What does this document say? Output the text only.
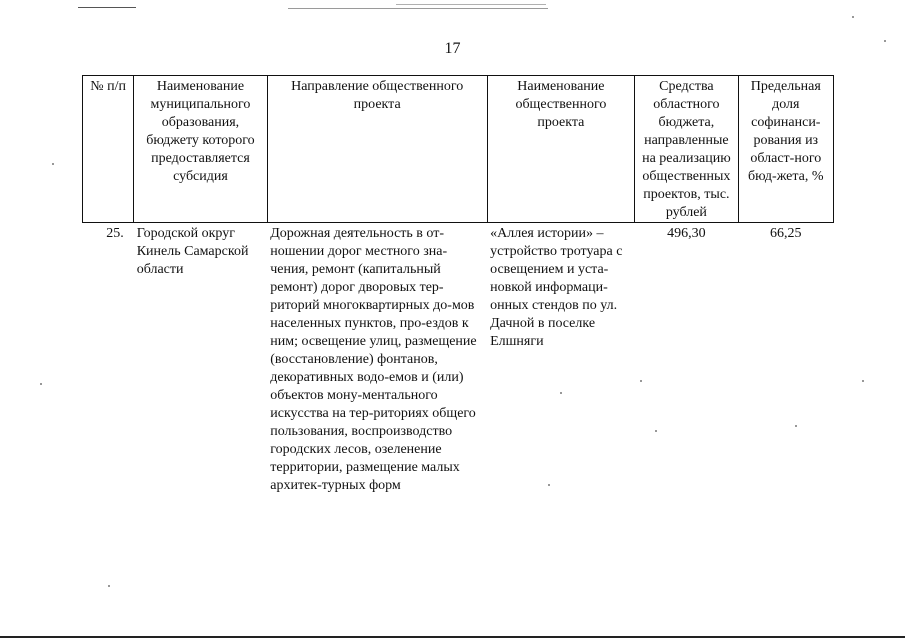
17
№ п/п	Наименование муниципального образования, бюджету которого предоставляется субсидия	Направление общественного проекта	Наименование общественного проекта	Средства областного бюджета, направленные на реализацию общественных проектов, тыс. рублей	Предельная доля софинанси-рования из област-ного бюд-жета, %
25.	Городской округ Кинель Самарской области	Дорожная деятельность в от-ношении дорог местного зна-чения, ремонт (капитальный ремонт) дорог дворовых тер-риторий многоквартирных до-мов населенных пунктов, про-ездов к ним; освещение улиц, размещение (восстановление) фонтанов, декоративных водо-емов и (или) объектов мону-ментального искусства на тер-риториях общего пользования, воспроизводство городских лесов, озеленение территории, размещение малых архитек-турных форм	«Аллея истории» – устройство тротуара с освещением и уста-новкой информаци-онных стендов по ул. Дачной в поселке Елшняги	496,30	66,25
